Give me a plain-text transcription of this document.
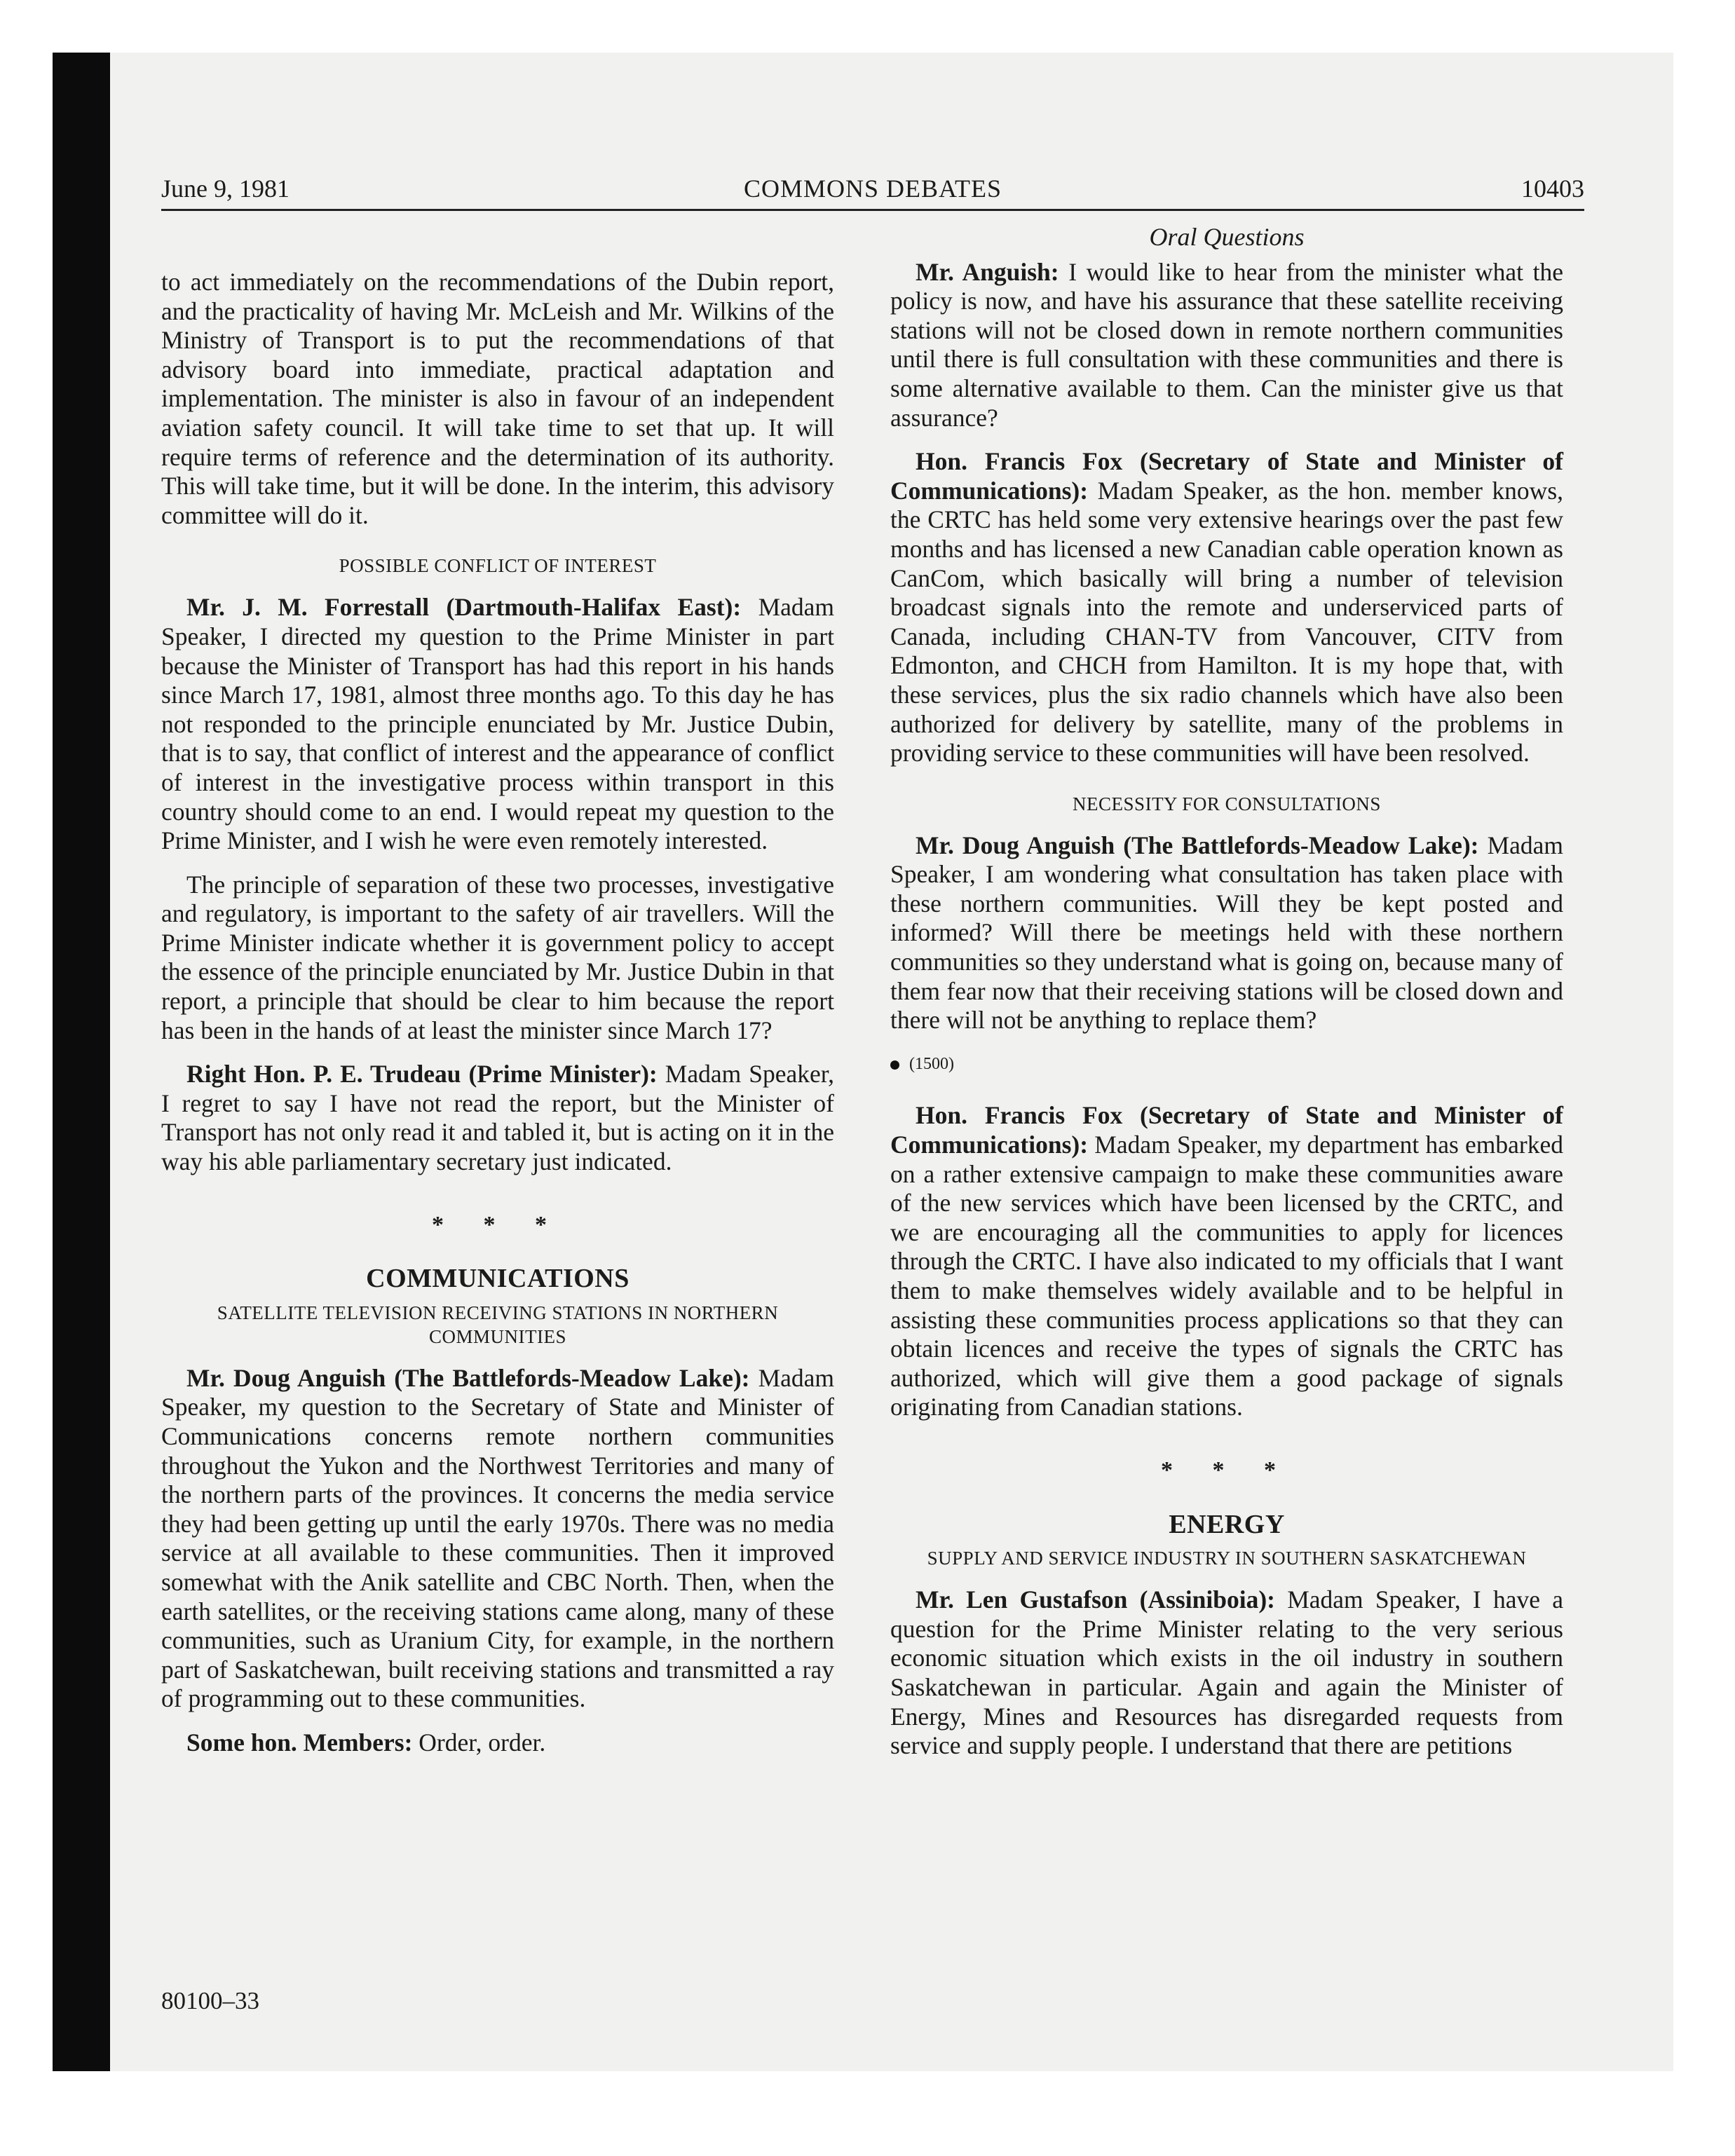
June 9, 1981	COMMONS DEBATES	10403

to act immediately on the recommendations of the Dubin report, and the practicality of having Mr. McLeish and Mr. Wilkins of the Ministry of Transport is to put the recommendations of that advisory board into immediate, practical adaptation and implementation. The minister is also in favour of an independent aviation safety council. It will take time to set that up. It will require terms of reference and the determination of its authority. This will take time, but it will be done. In the interim, this advisory committee will do it.

POSSIBLE CONFLICT OF INTEREST

Mr. J. M. Forrestall (Dartmouth-Halifax East): Madam Speaker, I directed my question to the Prime Minister in part because the Minister of Transport has had this report in his hands since March 17, 1981, almost three months ago. To this day he has not responded to the principle enunciated by Mr. Justice Dubin, that is to say, that conflict of interest and the appearance of conflict of interest in the investigative process within transport in this country should come to an end. I would repeat my question to the Prime Minister, and I wish he were even remotely interested.

The principle of separation of these two processes, investigative and regulatory, is important to the safety of air travellers. Will the Prime Minister indicate whether it is government policy to accept the essence of the principle enunciated by Mr. Justice Dubin in that report, a principle that should be clear to him because the report has been in the hands of at least the minister since March 17?

Right Hon. P. E. Trudeau (Prime Minister): Madam Speaker, I regret to say I have not read the report, but the Minister of Transport has not only read it and tabled it, but is acting on it in the way his able parliamentary secretary just indicated.

* * *
COMMUNICATIONS
SATELLITE TELEVISION RECEIVING STATIONS IN NORTHERN COMMUNITIES

Mr. Doug Anguish (The Battlefords-Meadow Lake): Madam Speaker, my question to the Secretary of State and Minister of Communications concerns remote northern communities throughout the Yukon and the Northwest Territories and many of the northern parts of the provinces. It concerns the media service they had been getting up until the early 1970s. There was no media service at all available to these communities. Then it improved somewhat with the Anik satellite and CBC North. Then, when the earth satellites, or the receiving stations came along, many of these communities, such as Uranium City, for example, in the northern part of Saskatchewan, built receiving stations and transmitted a ray of programming out to these communities.

Some hon. Members: Order, order.

Oral Questions

Mr. Anguish: I would like to hear from the minister what the policy is now, and have his assurance that these satellite receiving stations will not be closed down in remote northern communities until there is full consultation with these communities and there is some alternative available to them. Can the minister give us that assurance?

Hon. Francis Fox (Secretary of State and Minister of Communications): Madam Speaker, as the hon. member knows, the CRTC has held some very extensive hearings over the past few months and has licensed a new Canadian cable operation known as CanCom, which basically will bring a number of television broadcast signals into the remote and underserviced parts of Canada, including CHAN-TV from Vancouver, CITV from Edmonton, and CHCH from Hamilton. It is my hope that, with these services, plus the six radio channels which have also been authorized for delivery by satellite, many of the problems in providing service to these communities will have been resolved.

NECESSITY FOR CONSULTATIONS

Mr. Doug Anguish (The Battlefords-Meadow Lake): Madam Speaker, I am wondering what consultation has taken place with these northern communities. Will they be kept posted and informed? Will there be meetings held with these northern communities so they understand what is going on, because many of them fear now that their receiving stations will be closed down and there will not be anything to replace them?

(1500)

Hon. Francis Fox (Secretary of State and Minister of Communications): Madam Speaker, my department has embarked on a rather extensive campaign to make these communities aware of the new services which have been licensed by the CRTC, and we are encouraging all the communities to apply for licences through the CRTC. I have also indicated to my officials that I want them to make themselves widely available and to be helpful in assisting these communities process applications so that they can obtain licences and receive the types of signals the CRTC has authorized, which will give them a good package of signals originating from Canadian stations.

* * *
ENERGY
SUPPLY AND SERVICE INDUSTRY IN SOUTHERN SASKATCHEWAN

Mr. Len Gustafson (Assiniboia): Madam Speaker, I have a question for the Prime Minister relating to the very serious economic situation which exists in the oil industry in southern Saskatchewan in particular. Again and again the Minister of Energy, Mines and Resources has disregarded requests from service and supply people. I understand that there are petitions

80100–33
